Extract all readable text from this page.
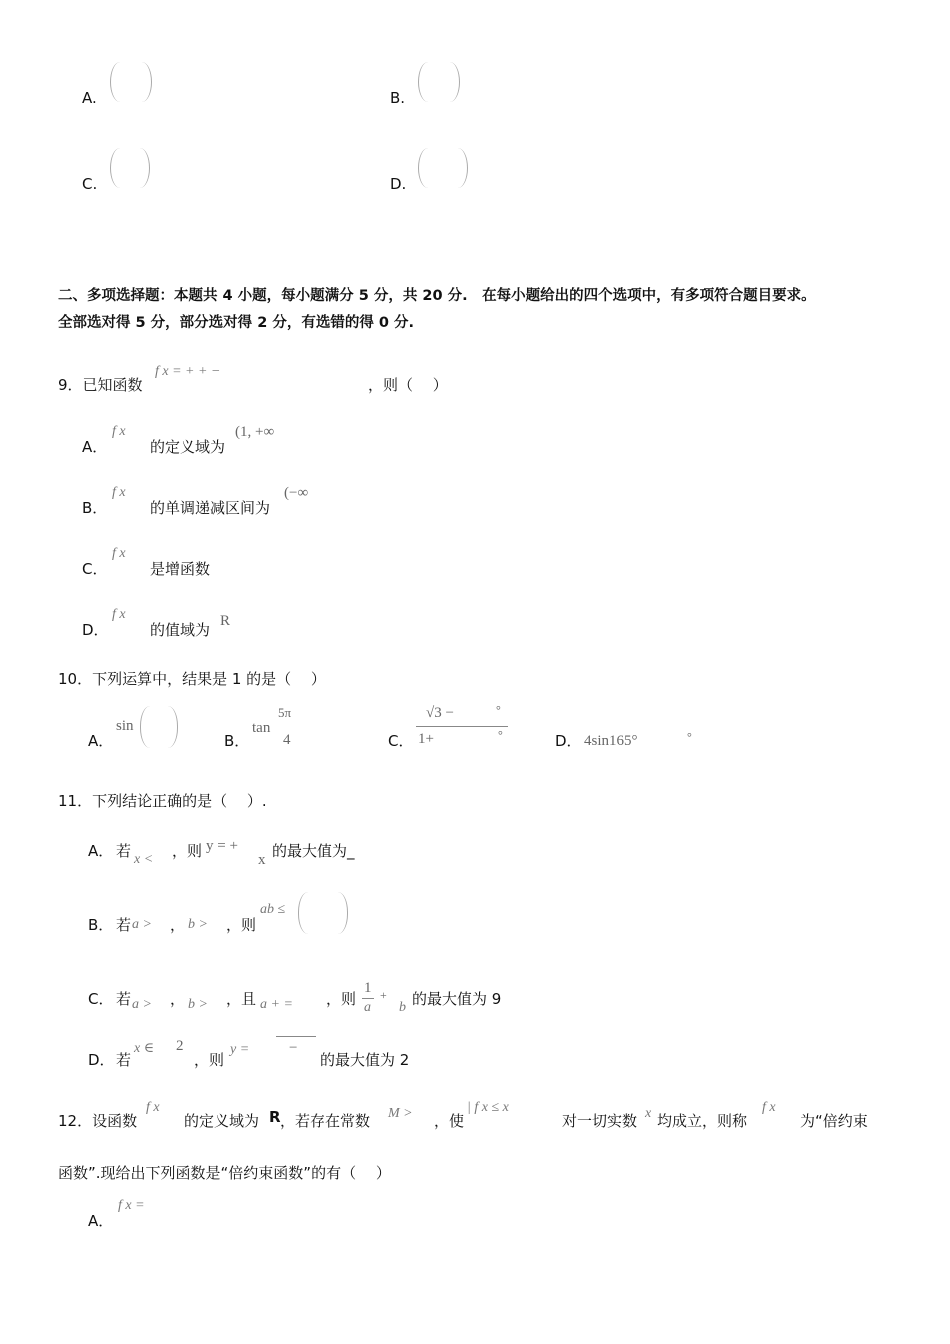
A.	B.
C.	D.
二、多项选择题：本题共 4 小题，每小题满分 5 分，共 20 分.　在每小题给出的四个选项中，有多项符合题目要求。
全部选对得 5 分，部分选对得 2 分，有选错的得 0 分.
9．已知函数
f x = + + −
，则（　 ）
A．
f x
的定义域为
(1, +∞
B．
f x
的单调递减区间为
(−∞
C．
f x
是增函数
D．
f x
的值域为 R
10．下列运算中，结果是 1 的是（　 ）
A．
sin
B．
tan
5π
4	C．
√3 −	°
1+	°	D． 4sin165°	°
11．下列结论正确的是（　 ）.
A． 若 x < ，则 y = +
x 的最大值为_
B． 若 a > ， b > ，则
ab ≤
C． 若 a > ， b > ，且 a + = ，则
1
a
+
b 的最大值为 9
D． 若
x ∈ 2
，则
y =	−
的最大值为 2
12．设函数
f x
的定义域为 R ，若存在常数 M > ，使
| f x ≤ x
对一切实数 x 均成立，则称
f x
为“倍约束
函数”.现给出下列函数是“倍约束函数”的有（　 ）
A．
f x =
